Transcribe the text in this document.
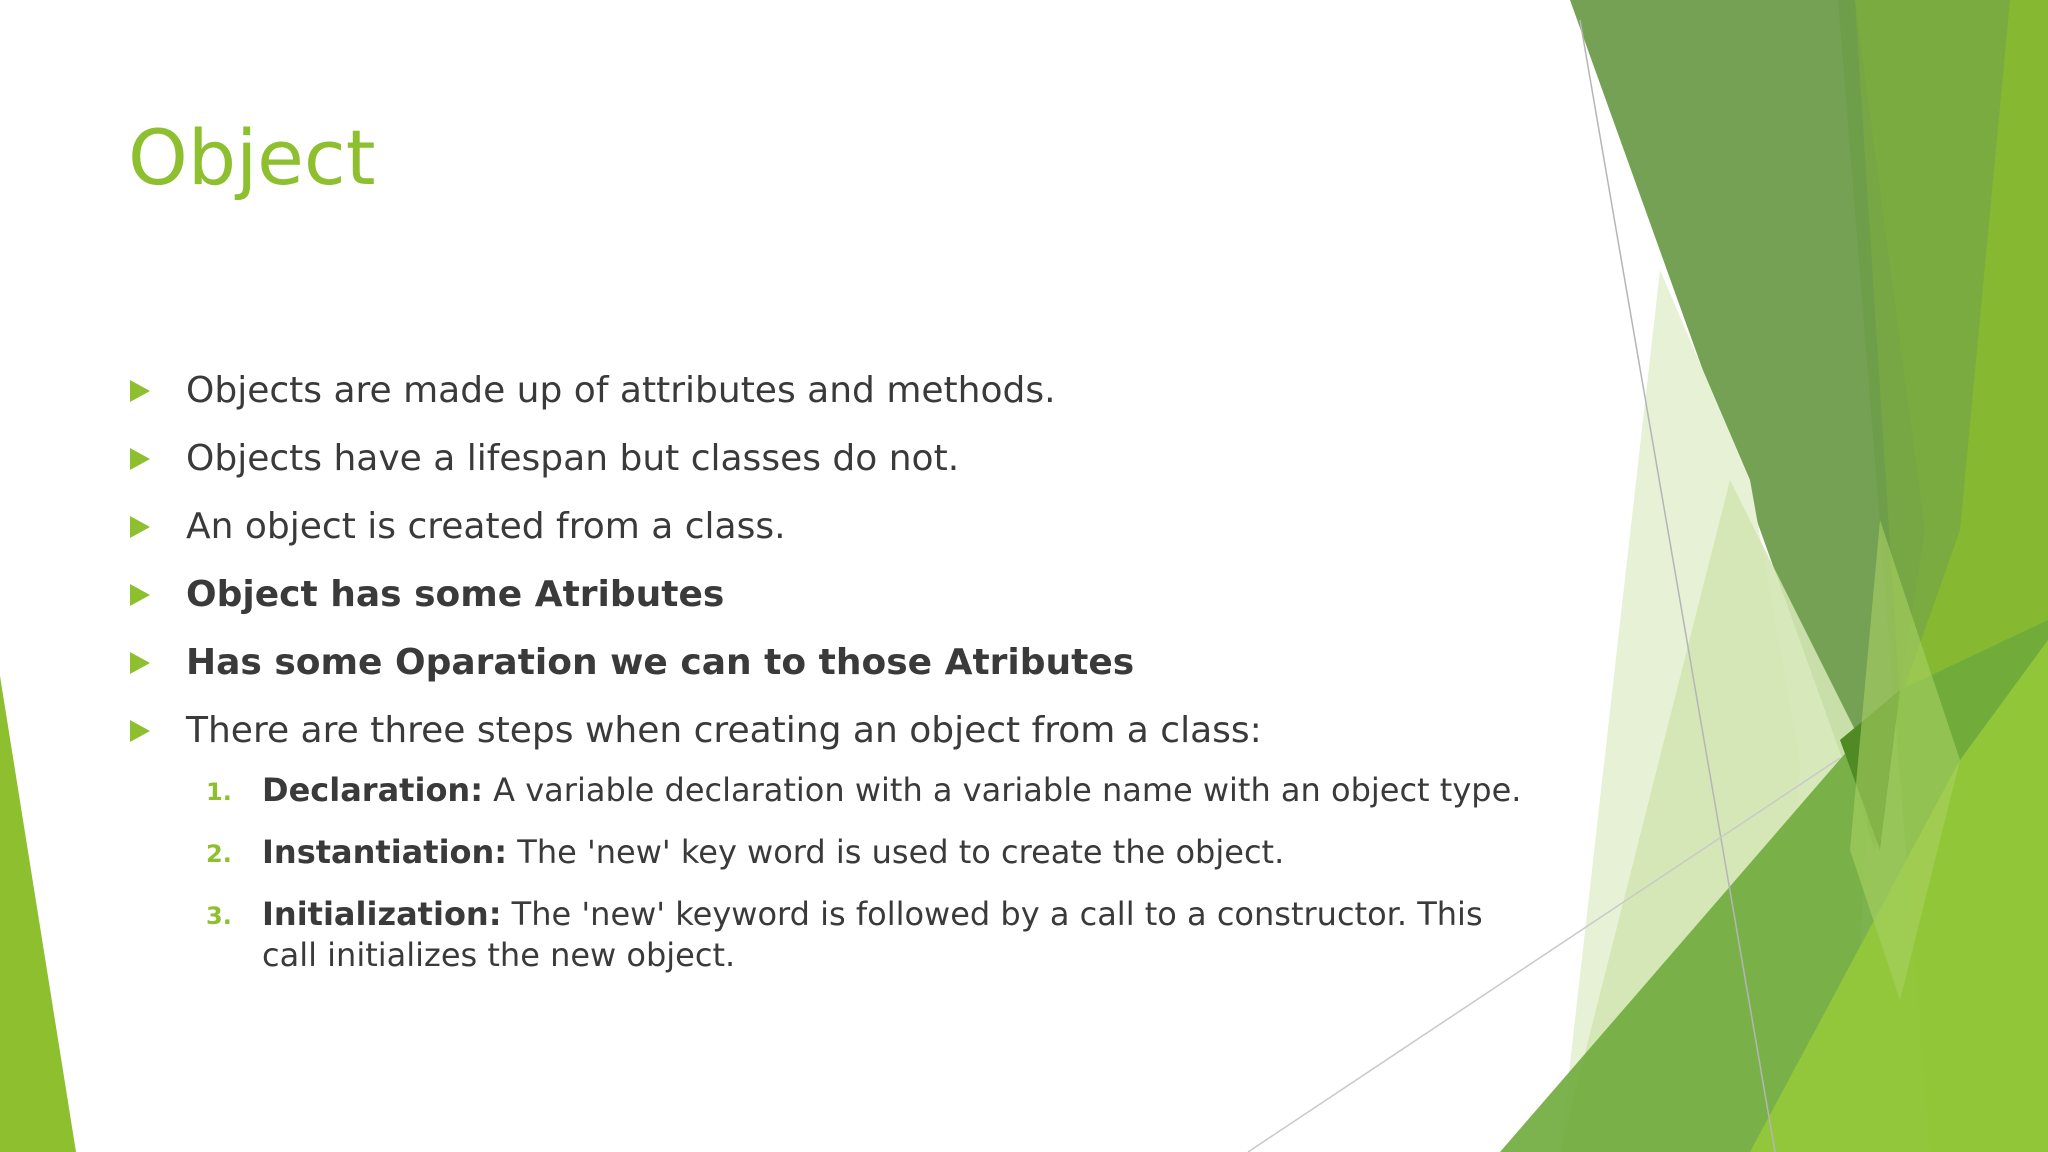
Object
Objects are made up of attributes and methods.
Objects have a lifespan but classes do not.
An object is created from a class.
Object has some Atributes
Has some Oparation we can to those Atributes
There are three steps when creating an object from a class:
1. Declaration: A variable declaration with a variable name with an object type.
2. Instantiation: The 'new' key word is used to create the object.
3. Initialization: The 'new' keyword is followed by a call to a constructor. This call initializes the new object.
